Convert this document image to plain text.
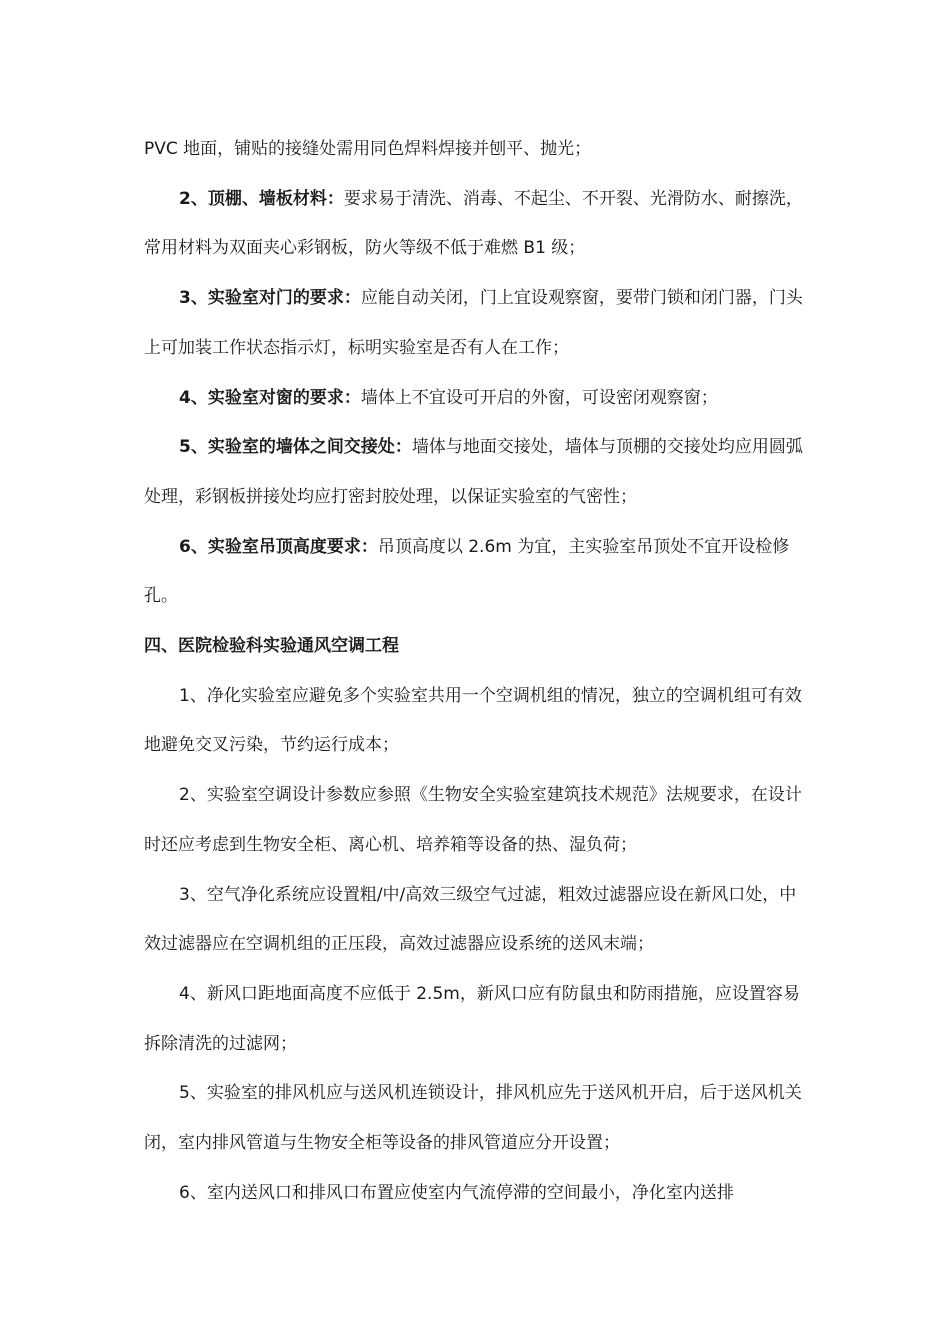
PVC 地面，铺贴的接缝处需用同色焊料焊接并刨平、抛光；

2、顶棚、墙板材料：要求易于清洗、消毒、不起尘、不开裂、光滑防水、耐擦洗，常用材料为双面夹心彩钢板，防火等级不低于难燃 B1 级；

3、实验室对门的要求：应能自动关闭，门上宜设观察窗，要带门锁和闭门器，门头上可加装工作状态指示灯，标明实验室是否有人在工作；

4、实验室对窗的要求：墙体上不宜设可开启的外窗，可设密闭观察窗；

5、实验室的墙体之间交接处：墙体与地面交接处，墙体与顶棚的交接处均应用圆弧处理，彩钢板拼接处均应打密封胶处理，以保证实验室的气密性；

6、实验室吊顶高度要求：吊顶高度以 2.6m 为宜，主实验室吊顶处不宜开设检修孔。

四、医院检验科实验通风空调工程

1、净化实验室应避免多个实验室共用一个空调机组的情况，独立的空调机组可有效地避免交叉污染，节约运行成本；

2、实验室空调设计参数应参照《生物安全实验室建筑技术规范》法规要求，在设计时还应考虑到生物安全柜、离心机、培养箱等设备的热、湿负荷；

3、空气净化系统应设置粗/中/高效三级空气过滤，粗效过滤器应设在新风口处，中效过滤器应在空调机组的正压段，高效过滤器应设系统的送风末端；

4、新风口距地面高度不应低于 2.5m，新风口应有防鼠虫和防雨措施，应设置容易拆除清洗的过滤网；

5、实验室的排风机应与送风机连锁设计，排风机应先于送风机开启，后于送风机关闭，室内排风管道与生物安全柜等设备的排风管道应分开设置；

6、室内送风口和排风口布置应使室内气流停滞的空间最小，净化室内送排
